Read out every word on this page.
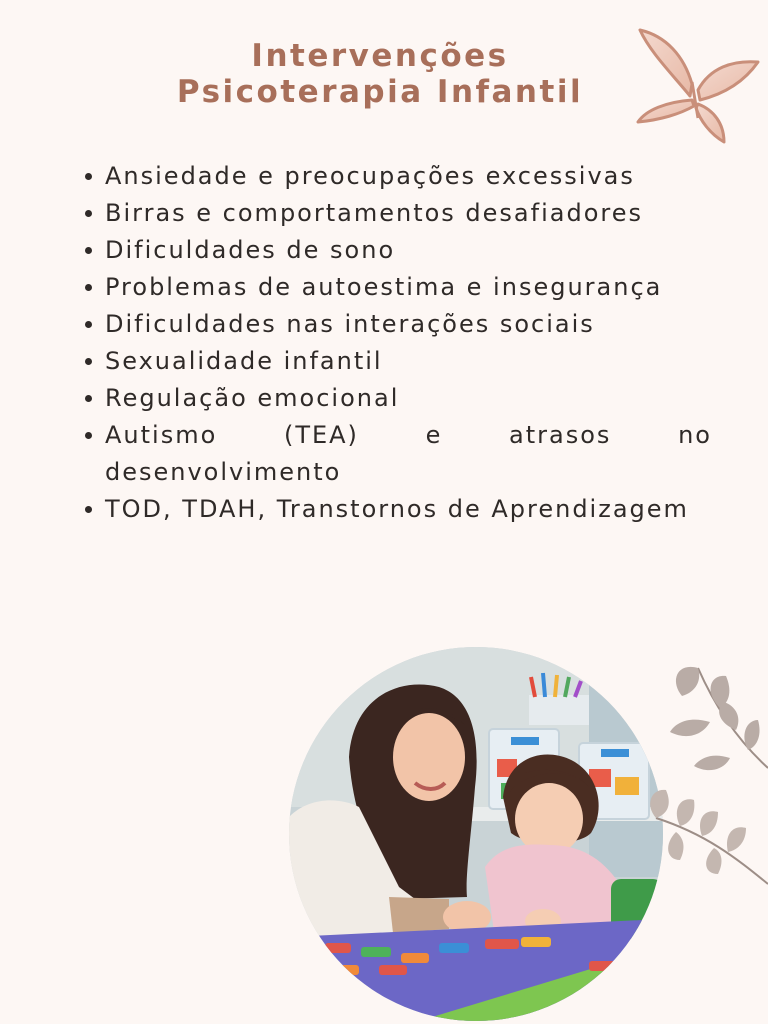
Intervenções
Psicoterapia Infantil
Ansiedade e preocupações excessivas
Birras e comportamentos desafiadores
Dificuldades de sono
Problemas de autoestima e insegurança
Dificuldades nas interações sociais
Sexualidade infantil
Regulação emocional
Autismo (TEA) e atrasos no desenvolvimento
TOD, TDAH, Transtornos de Aprendizagem
